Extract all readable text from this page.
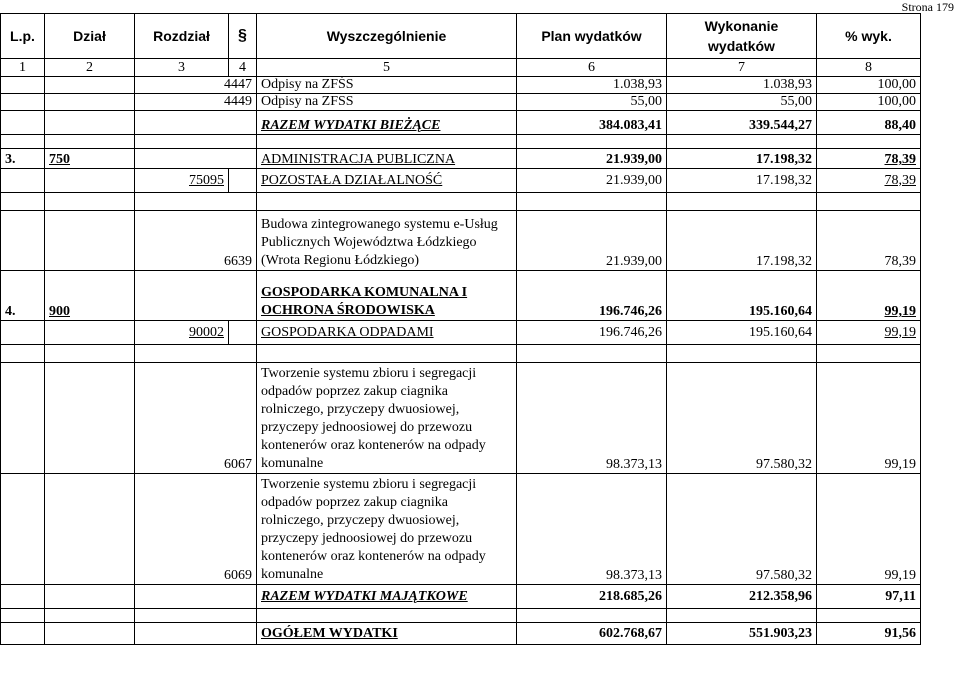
Strona 179
L.p.	Dział	Rozdział	§	Wyszczególnienie	Plan wydatków	Wykonanie wydatków	% wyk.
1	2	3	4	5	6	7	8
		4447		Odpisy na ZFŚS	1.038,93	1.038,93	100,00
		4449		Odpisy na ZFSS	55,00	55,00	100,00
				RAZEM WYDATKI BIEŻĄCE	384.083,41	339.544,27	88,40

3.	750			ADMINISTRACJA PUBLICZNA	21.939,00	17.198,32	78,39
		75095		POZOSTAŁA DZIAŁALNOŚĆ	21.939,00	17.198,32	78,39

		6639		Budowa zintegrowanego systemu e-Usług Publicznych Województwa Łódzkiego (Wrota Regionu Łódzkiego)	21.939,00	17.198,32	78,39
4.	900			GOSPODARKA KOMUNALNA I OCHRONA ŚRODOWISKA	196.746,26	195.160,64	99,19
		90002		GOSPODARKA ODPADAMI	196.746,26	195.160,64	99,19

		6067		Tworzenie systemu zbioru i segregacji odpadów poprzez zakup ciagnika rolniczego, przyczepy dwuosiowej, przyczepy jednoosiowej do przewozu kontenerów oraz kontenerów na odpady komunalne	98.373,13	97.580,32	99,19
		6069		Tworzenie systemu zbioru i segregacji odpadów poprzez zakup ciagnika rolniczego, przyczepy dwuosiowej, przyczepy jednoosiowej do przewozu kontenerów oraz kontenerów na odpady komunalne	98.373,13	97.580,32	99,19
				RAZEM WYDATKI MAJĄTKOWE	218.685,26	212.358,96	97,11

				OGÓŁEM WYDATKI	602.768,67	551.903,23	91,56
